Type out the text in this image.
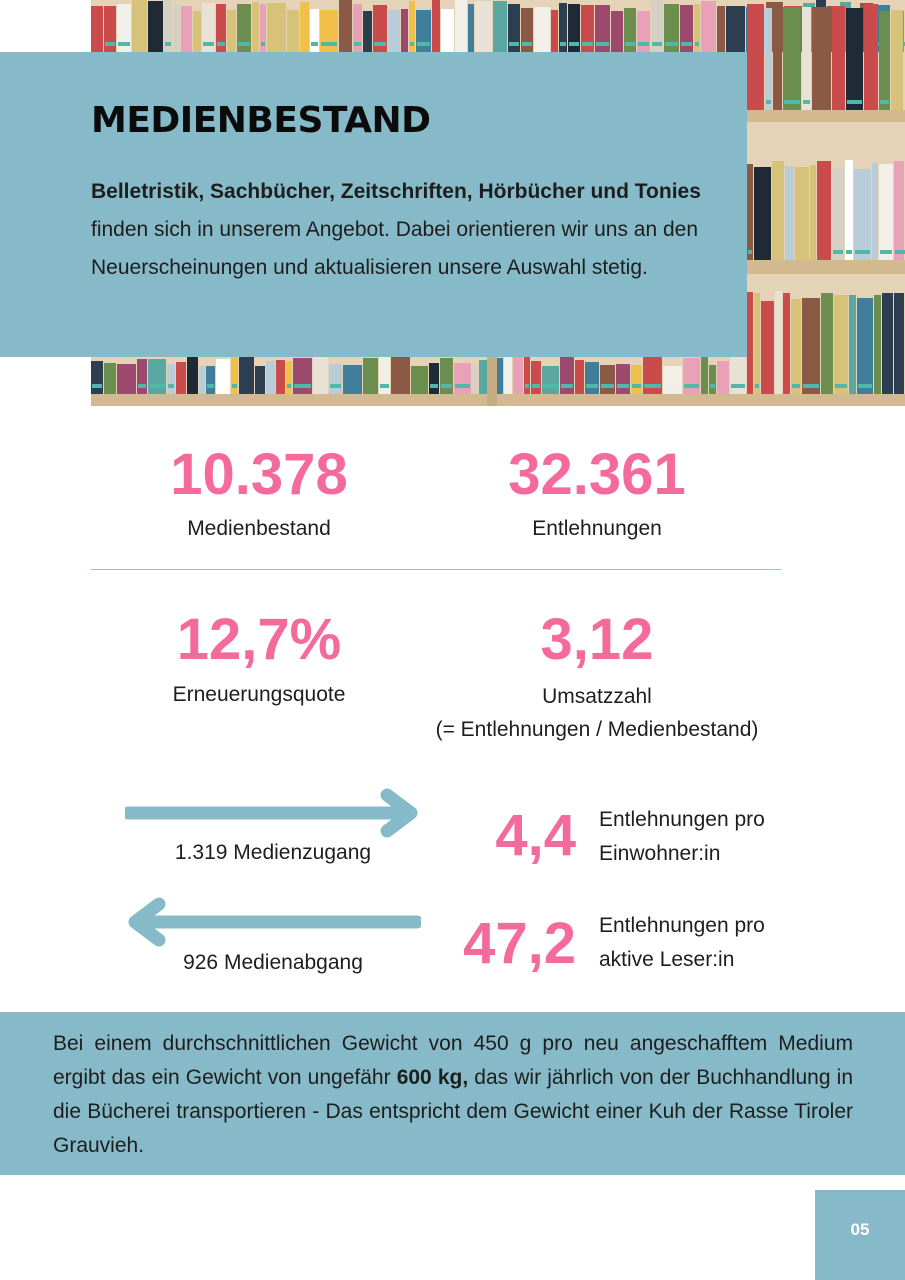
MEDIENBESTAND

Belletristik, Sachbücher, Zeitschriften, Hörbücher und Tonies finden sich in unserem Angebot. Dabei orientieren wir uns an den Neuerscheinungen und aktualisieren unsere Auswahl stetig.

10.378
Medienbestand
32.361
Entlehnungen
12,7%
Erneuerungsquote
3,12
Umsatzzahl
(= Entlehnungen / Medienbestand)
1.319 Medienzugang
926 Medienabgang
4,4 Entlehnungen pro
Einwohner:in
47,2 Entlehnungen pro
aktive Leser:in

Bei einem durchschnittlichen Gewicht von 450 g pro neu angeschafftem Medium ergibt das ein Gewicht von ungefähr 600 kg, das wir jährlich von der Buchhandlung in die Bücherei transportieren - Das entspricht dem Gewicht einer Kuh der Rasse Tiroler Grauvieh.

05
